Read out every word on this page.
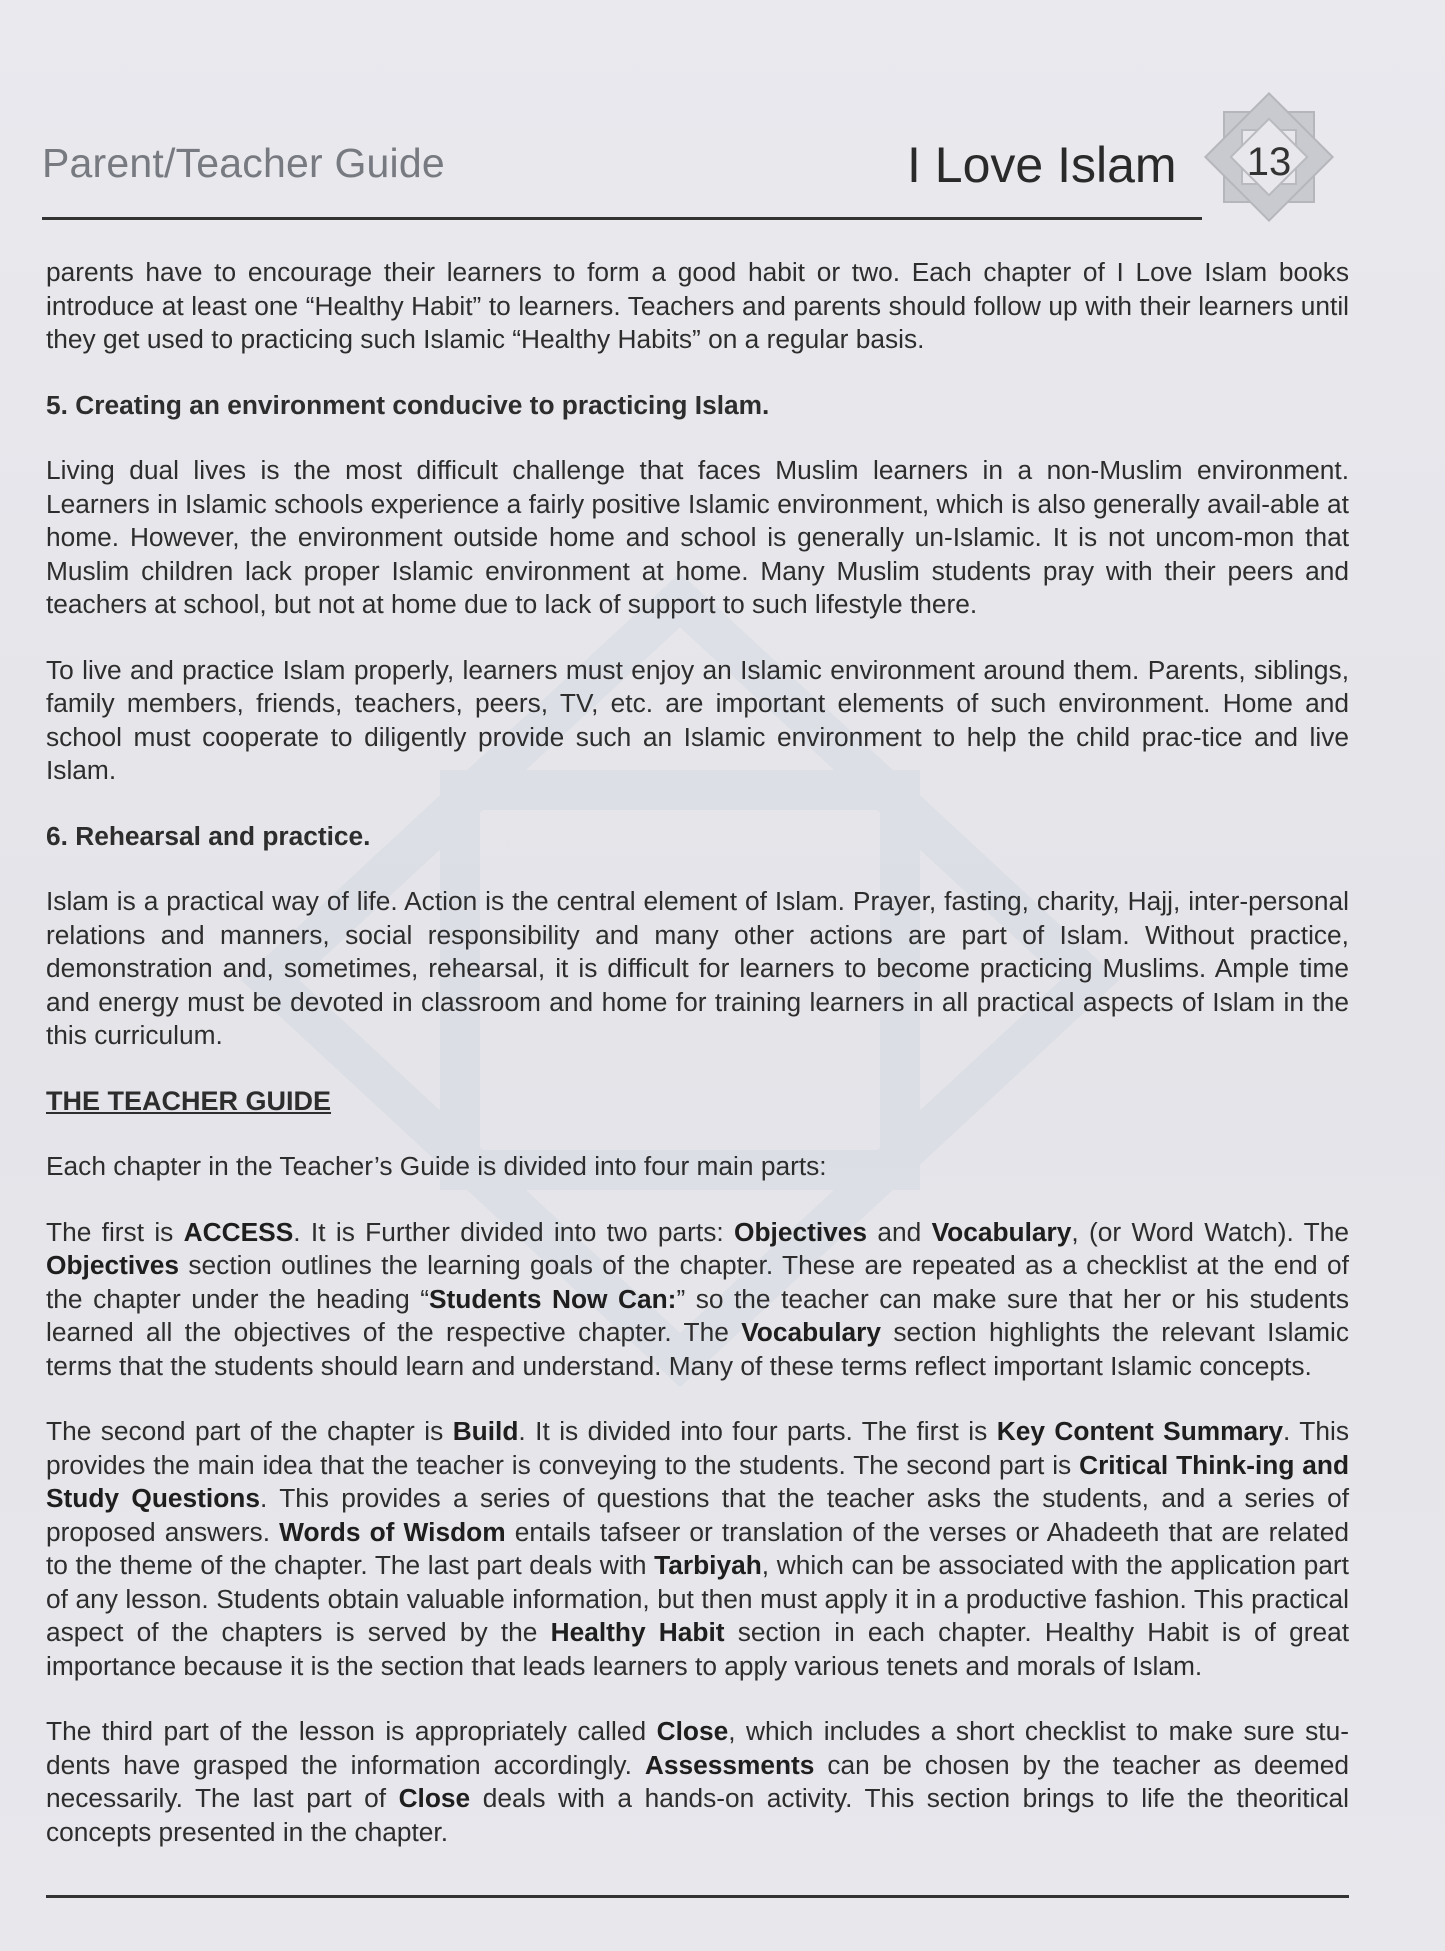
Parent/Teacher Guide	I Love Islam 13

parents have to encourage their learners to form a good habit or two. Each chapter of I Love Islam books introduce at least one “Healthy Habit” to learners. Teachers and parents should follow up with their learners until they get used to practicing such Islamic “Healthy Habits” on a regular basis.

5. Creating an environment conducive to practicing Islam.

Living dual lives is the most difficult challenge that faces Muslim learners in a non-Muslim environment. Learners in Islamic schools experience a fairly positive Islamic environment, which is also generally avail-able at home. However, the environment outside home and school is generally un-Islamic. It is not uncom-mon that Muslim children lack proper Islamic environment at home. Many Muslim students pray with their peers and teachers at school, but not at home due to lack of support to such lifestyle there.

To live and practice Islam properly, learners must enjoy an Islamic environment around them. Parents, siblings, family members, friends, teachers, peers, TV, etc. are important elements of such environment. Home and school must cooperate to diligently provide such an Islamic environment to help the child prac-tice and live Islam.

6. Rehearsal and practice.

Islam is a practical way of life. Action is the central element of Islam. Prayer, fasting, charity, Hajj, inter-personal relations and manners, social responsibility and many other actions are part of Islam. Without practice, demonstration and, sometimes, rehearsal, it is difficult for learners to become practicing Muslims. Ample time and energy must be devoted in classroom and home for training learners in all practical aspects of Islam in the this curriculum.

THE TEACHER GUIDE

Each chapter in the Teacher’s Guide is divided into four main parts:

The first is ACCESS. It is Further divided into two parts: Objectives and Vocabulary, (or Word Watch). The Objectives section outlines the learning goals of the chapter. These are repeated as a checklist at the end of the chapter under the heading “Students Now Can:” so the teacher can make sure that her or his students learned all the objectives of the respective chapter. The Vocabulary section highlights the relevant Islamic terms that the students should learn and understand. Many of these terms reflect important Islamic concepts.

The second part of the chapter is Build. It is divided into four parts. The first is Key Content Summary. This provides the main idea that the teacher is conveying to the students. The second part is Critical Think-ing and Study Questions. This provides a series of questions that the teacher asks the students, and a series of proposed answers. Words of Wisdom entails tafseer or translation of the verses or Ahadeeth that are related to the theme of the chapter. The last part deals with Tarbiyah, which can be associated with the application part of any lesson. Students obtain valuable information, but then must apply it in a productive fashion. This practical aspect of the chapters is served by the Healthy Habit section in each chapter. Healthy Habit is of great importance because it is the section that leads learners to apply various tenets and morals of Islam.

The third part of the lesson is appropriately called Close, which includes a short checklist to make sure stu-dents have grasped the information accordingly. Assessments can be chosen by the teacher as deemed necessarily. The last part of Close deals with a hands-on activity. This section brings to life the theoritical concepts presented in the chapter.
